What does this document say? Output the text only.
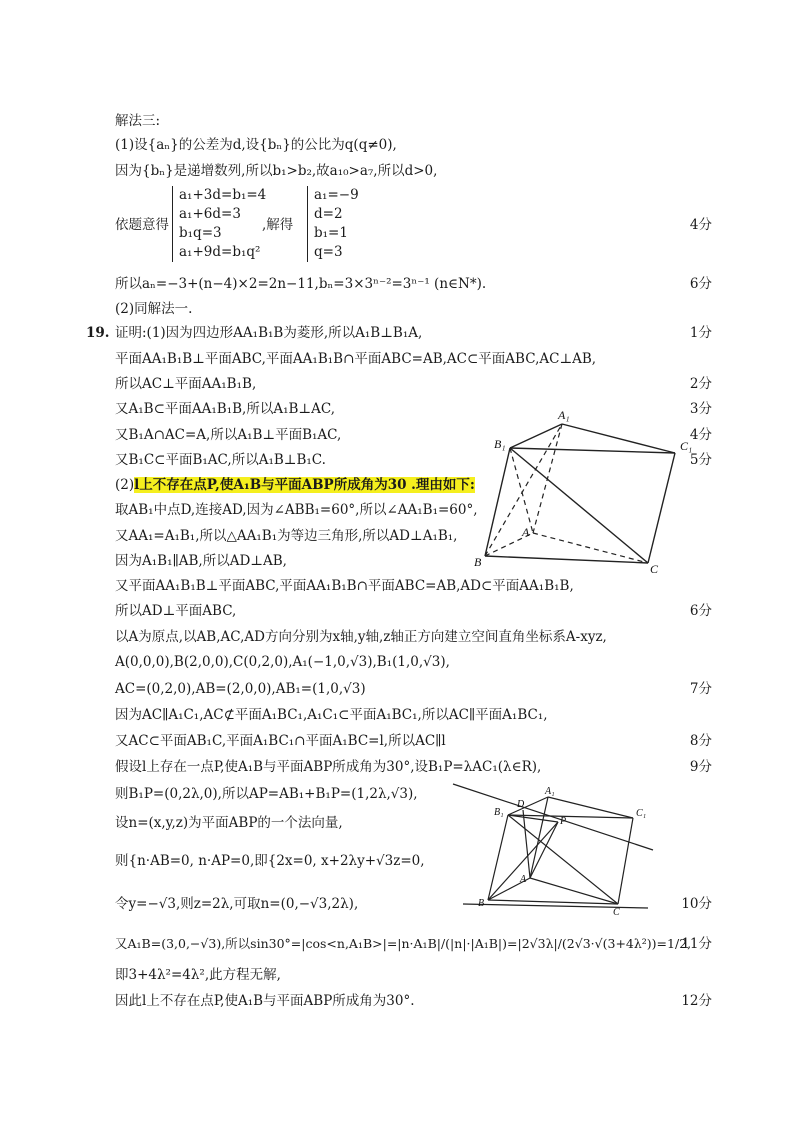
解法三:
(1)设{aₙ}的公差为d,设{bₙ}的公比为q(q≠0),
因为{bₙ}是递增数列,所以b₁>b₂,故a₁₀>a₇,所以d>0,
依题意得
a₁+3d=b₁=4
a₁+6d=3
b₁q=3
a₁+9d=b₁q²
,解得
a₁=−9
d=2
b₁=1
q=3
4分
所以aₙ=−3+(n−4)×2=2n−11,bₙ=3×3ⁿ⁻²=3ⁿ⁻¹ (n∈N*).	6分
(2)同解法一.
19. 证明:(1)因为四边形AA₁B₁B为菱形,所以A₁B⊥B₁A,	1分
平面AA₁B₁B⊥平面ABC,平面AA₁B₁B∩平面ABC=AB,AC⊂平面ABC,AC⊥AB,
所以AC⊥平面AA₁B₁B,	2分
又A₁B⊂平面AA₁B₁B,所以A₁B⊥AC,	3分
又B₁A∩AC=A,所以A₁B⊥平面B₁AC,	4分
又B₁C⊂平面B₁AC,所以A₁B⊥B₁C.	5分
(2)l上不存在点P,使A₁B与平面ABP所成角为30 .理由如下:
取AB₁中点D,连接AD,因为∠ABB₁=60°,所以∠AA₁B₁=60°,
又AA₁=A₁B₁,所以△AA₁B₁为等边三角形,所以AD⊥A₁B₁,
因为A₁B₁∥AB,所以AD⊥AB,
又平面AA₁B₁B⊥平面ABC,平面AA₁B₁B∩平面ABC=AB,AD⊂平面AA₁B₁B,
所以AD⊥平面ABC,	6分
以A为原点,以AB,AC,AD方向分别为x轴,y轴,z轴正方向建立空间直角坐标系A-xyz,
A(0,0,0),B(2,0,0),C(0,2,0),A₁(−1,0,√3),B₁(1,0,√3),
AC=(0,2,0),AB=(2,0,0),AB₁=(1,0,√3)	7分
因为AC∥A₁C₁,AC⊄平面A₁BC₁,A₁C₁⊂平面A₁BC₁,所以AC∥平面A₁BC₁,
又AC⊂平面AB₁C,平面A₁BC₁∩平面A₁BC=l,所以AC∥l	8分
假设l上存在一点P,使A₁B与平面ABP所成角为30°,设B₁P=λAC₁(λ∈R),	9分
则B₁P=(0,2λ,0),所以AP=AB₁+B₁P=(1,2λ,√3),
设n=(x,y,z)为平面ABP的一个法向量,
则{n·AB=0, n·AP=0,即{2x=0, x+2λy+√3z=0,
令y=−√3,则z=2λ,可取n=(0,−√3,2λ),	10分
又A₁B=(3,0,−√3),所以sin30°=|cos<n,A₁B>|=|n·A₁B|/(|n|·|A₁B|)=|2√3λ|/(2√3·√(3+4λ²))=1/2,
11分
即3+4λ²=4λ²,此方程无解,
因此l上不存在点P,使A₁B与平面ABP所成角为30°.	12分
A₁
B₁	C₁
A
B	C
A₁
B₁	C₁
D
P
A
B
C
